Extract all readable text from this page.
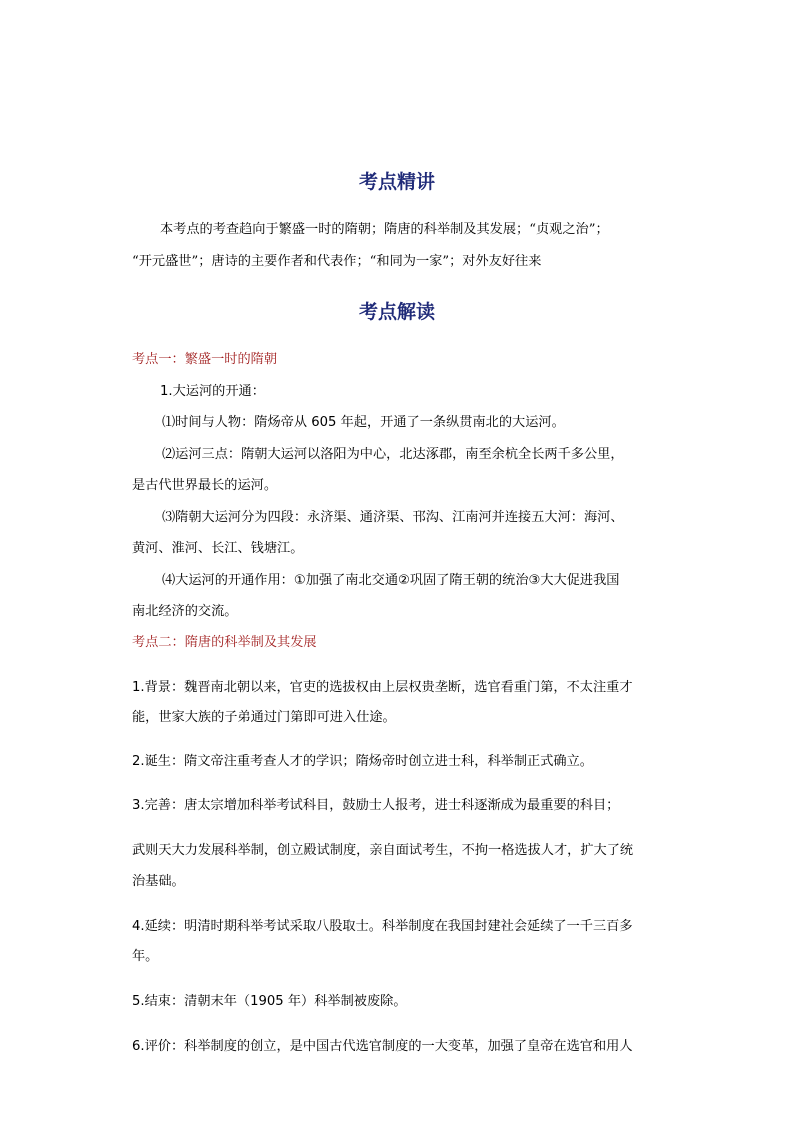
考点精讲

本考点的考查趋向于繁盛一时的隋朝；隋唐的科举制及其发展；“贞观之治”；

“开元盛世”；唐诗的主要作者和代表作；“和同为一家”；对外友好往来

考点解读

考点一：繁盛一时的隋朝

1.大运河的开通：

⑴时间与人物：隋炀帝从 605 年起，开通了一条纵贯南北的大运河。

⑵运河三点：隋朝大运河以洛阳为中心，北达涿郡，南至余杭全长两千多公里，

是古代世界最长的运河。

⑶隋朝大运河分为四段：永济渠、通济渠、邗沟、江南河并连接五大河：海河、

黄河、淮河、长江、钱塘江。

⑷大运河的开通作用：①加强了南北交通②巩固了隋王朝的统治③大大促进我国

南北经济的交流。

考点二：隋唐的科举制及其发展

1.背景：魏晋南北朝以来，官吏的选拔权由上层权贵垄断，选官看重门第，不太注重才

能，世家大族的子弟通过门第即可进入仕途。

2.诞生：隋文帝注重考查人才的学识；隋炀帝时创立进士科，科举制正式确立。

3.完善：唐太宗增加科举考试科目，鼓励士人报考，进士科逐渐成为最重要的科目；

武则天大力发展科举制，创立殿试制度，亲自面试考生，不拘一格选拔人才，扩大了统

治基础。

4.延续：明清时期科举考试采取八股取士。科举制度在我国封建社会延续了一千三百多

年。

5.结束：清朝末年（1905 年）科举制被废除。

6.评价：科举制度的创立，是中国古代选官制度的一大变革，加强了皇帝在选官和用人
